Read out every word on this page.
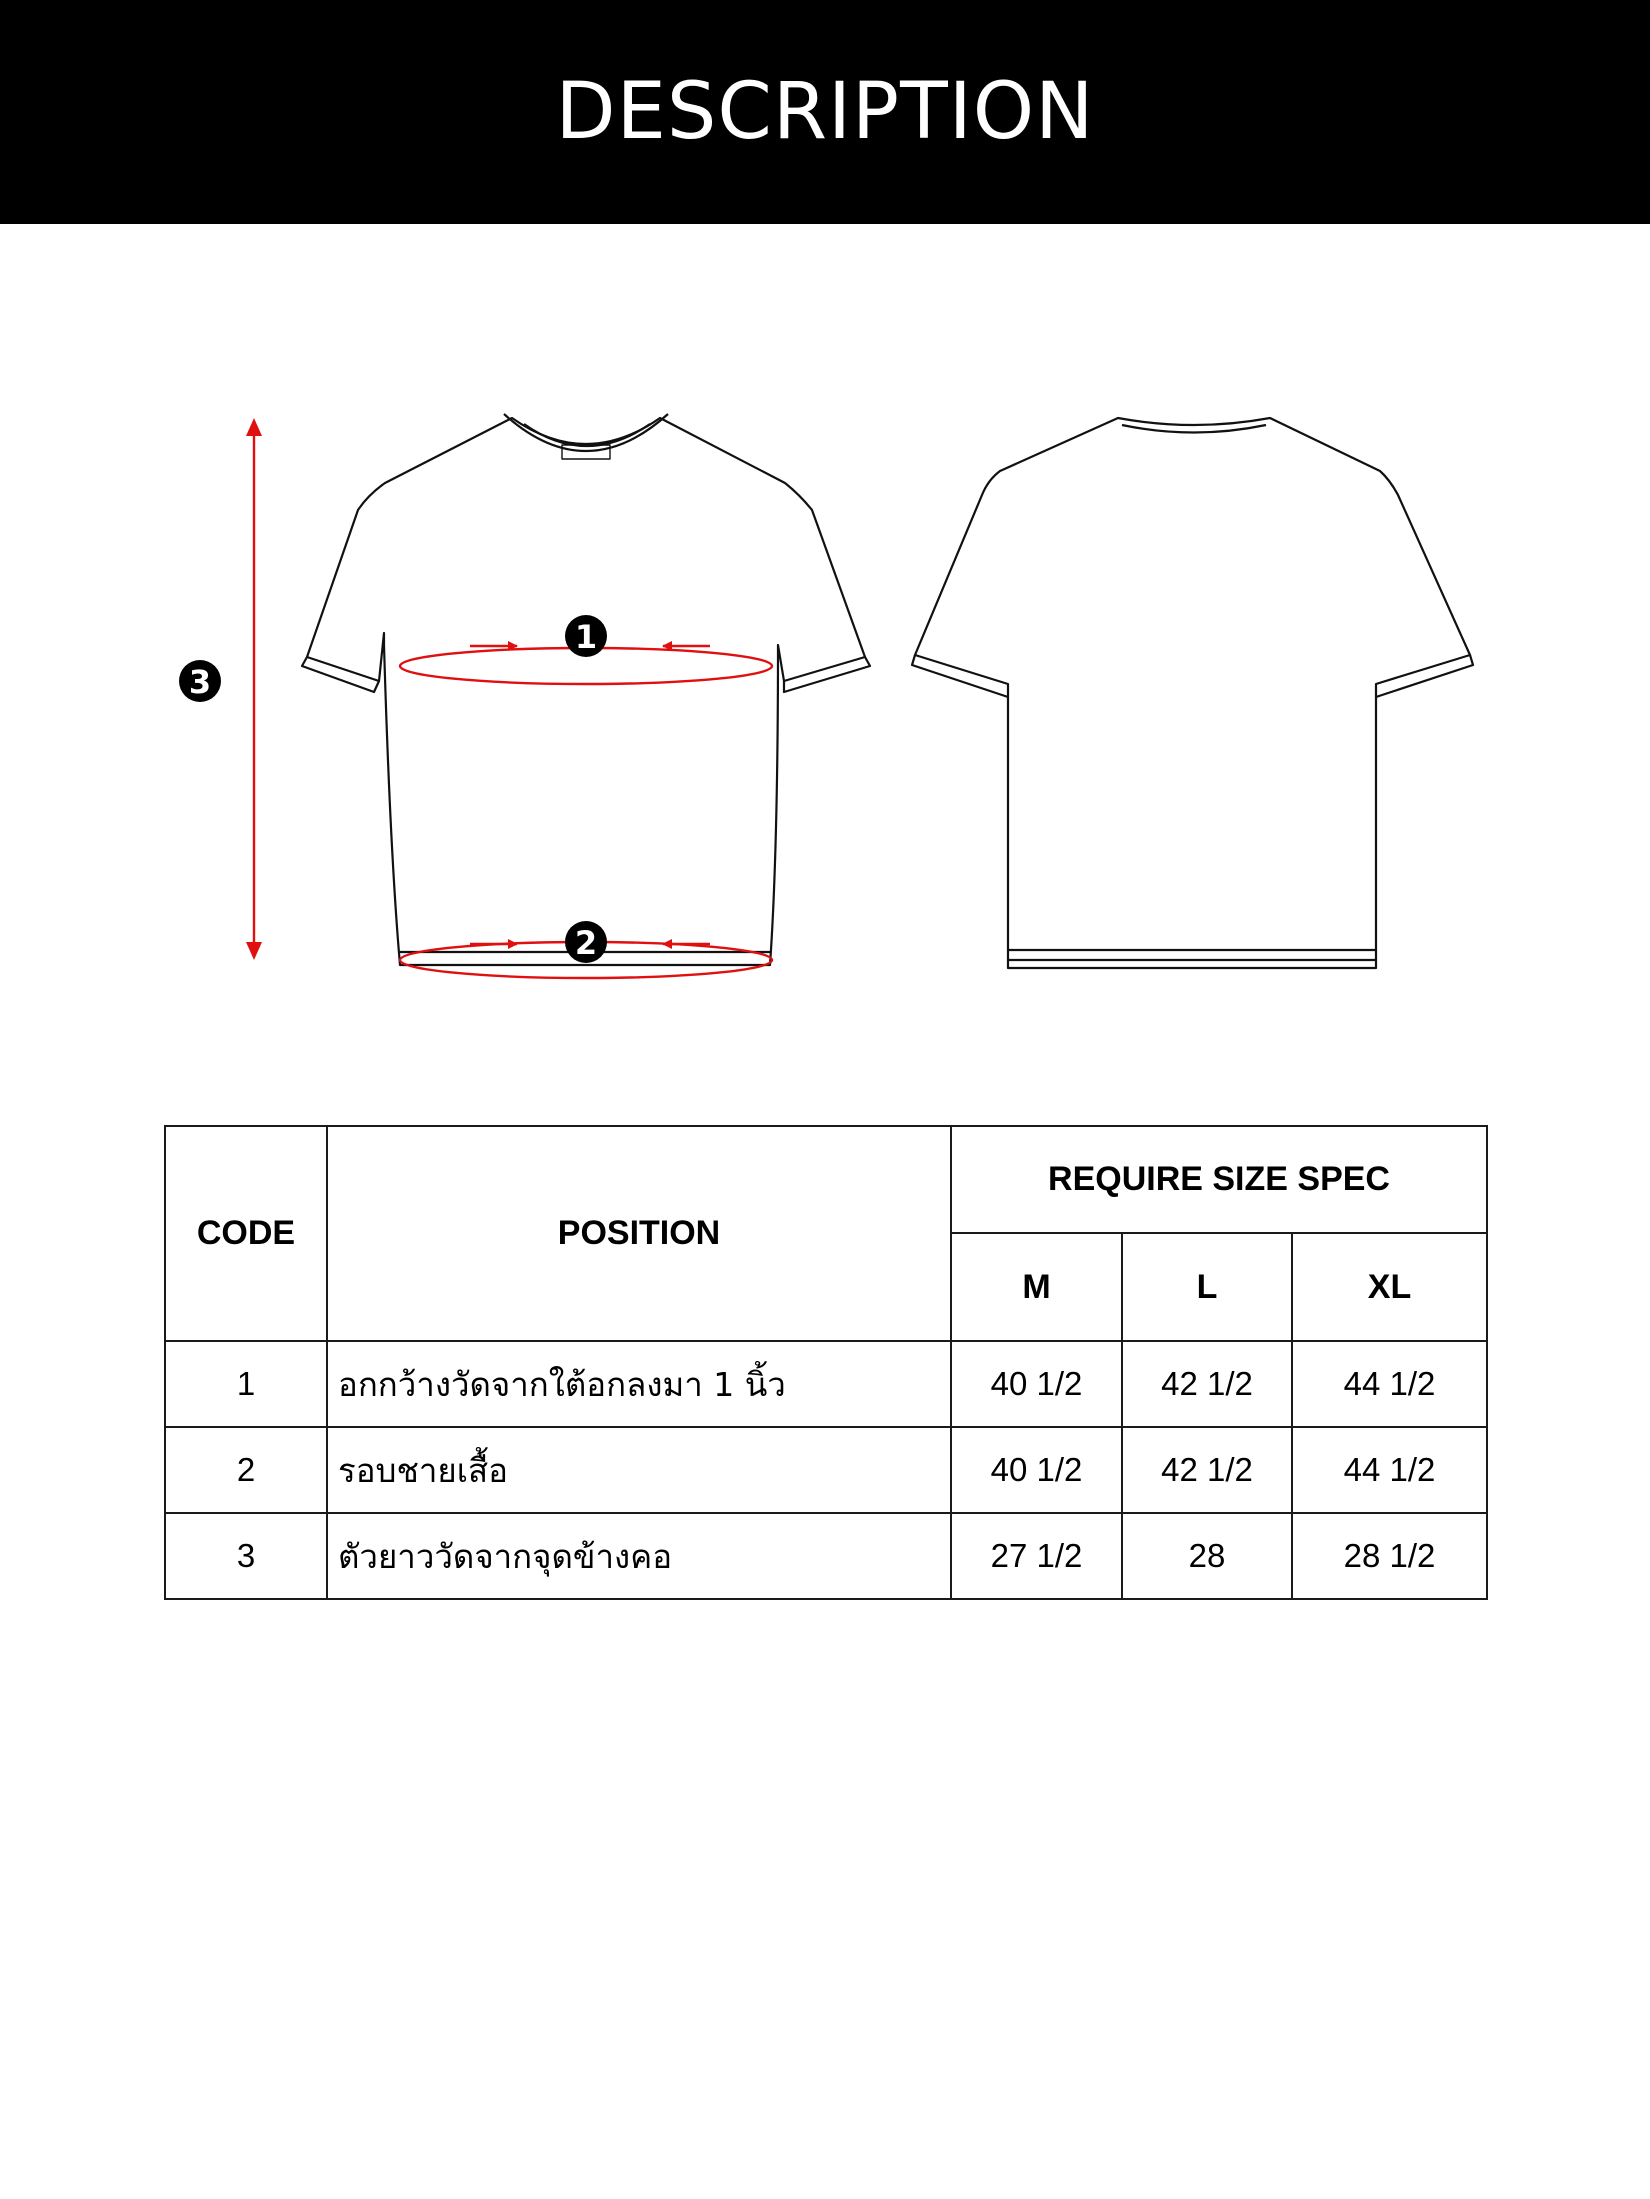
DESCRIPTION
1
2
3
CODE	POSITION	REQUIRE SIZE SPEC		
		M	L	XL
1	อกกว้างวัดจากใต้อกลงมา 1 นิ้ว	40 1/2	42 1/2	44 1/2
2	รอบชายเสื้อ	40 1/2	42 1/2	44 1/2
3	ตัวยาววัดจากจุดข้างคอ	27 1/2	28	28 1/2
